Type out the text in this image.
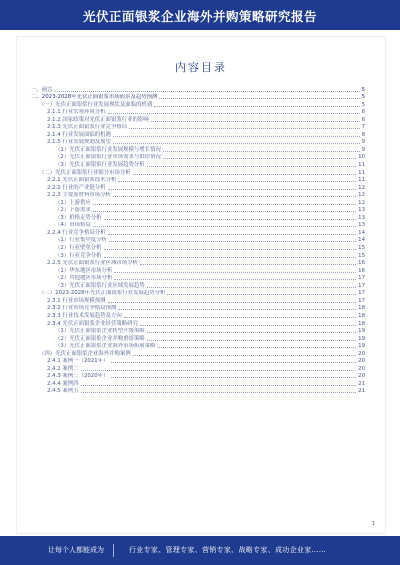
光伏正面银浆企业海外并购策略研究报告
内容目录
一、前言	5
二、2023-2028年光伏正面银浆市场前景及趋势预测	5
（一）光伏正面银浆行业发展现状及面临的机遇	5
2.1.1 行业宏观环境分析	6
2.1.2 国家政策对光伏正面银浆行业的影响	6
2.1.3 光伏正面银浆行业竞争格局	7
2.1.4 行业发展面临的机遇	8
2.1.5 行业发展规划及展望	9
（1）光伏正面银浆行业发展规模与增长情况	9
（2）光伏正面银浆行业市场需求与供给情况	10
（3）光伏正面银浆行业发展趋势分析	11
（二）光伏正面银浆行业细分市场分析	11
2.2.1 光伏正面银浆技术分析	11
2.2.2 行业的产业链分析	12
2.2.3 主要原材料市场分析	12
（1）上游供应	12
（2）下游需求	13
（3）价格走势分析	13
（4）市场格局	13
2.2.4 行业竞争格局分析	14
（1）行业集中度分析	14
（2）行业壁垒分析	15
（3）行业竞争分析	15
2.2.5 光伏正面银浆行业区域市场分析	16
（1）华东地区市场分析	16
（2）其他地区市场分析	17
（3）光伏正面银浆行业区域发展趋势	17
（三）2023-2028年光伏正面银浆行业发展趋势分析	17
2.3.1 行业市场规模预测	17
2.3.2 行业市场竞争格局预测	18
2.3.3 行业技术发展趋势及方向	18
2.3.4 光伏正面银浆企业经营策略研究	18
（1）光伏正面银浆企业转型升级策略	19
（2）光伏正面银浆企业并购重组策略	19
（3）光伏正面银浆企业海外市场拓展策略	19
（四）光伏正面银浆企业海外并购案例	20
2.4.1 案例一（2021年）	20
2.4.2 案例二	20
2.4.3 案例三（2020年）	20
2.4.4 案例四	21
2.4.5 案例五	21
1
让每个人都能成为	行业专家、管理专家、营销专家、战略专家、成功企业家……
